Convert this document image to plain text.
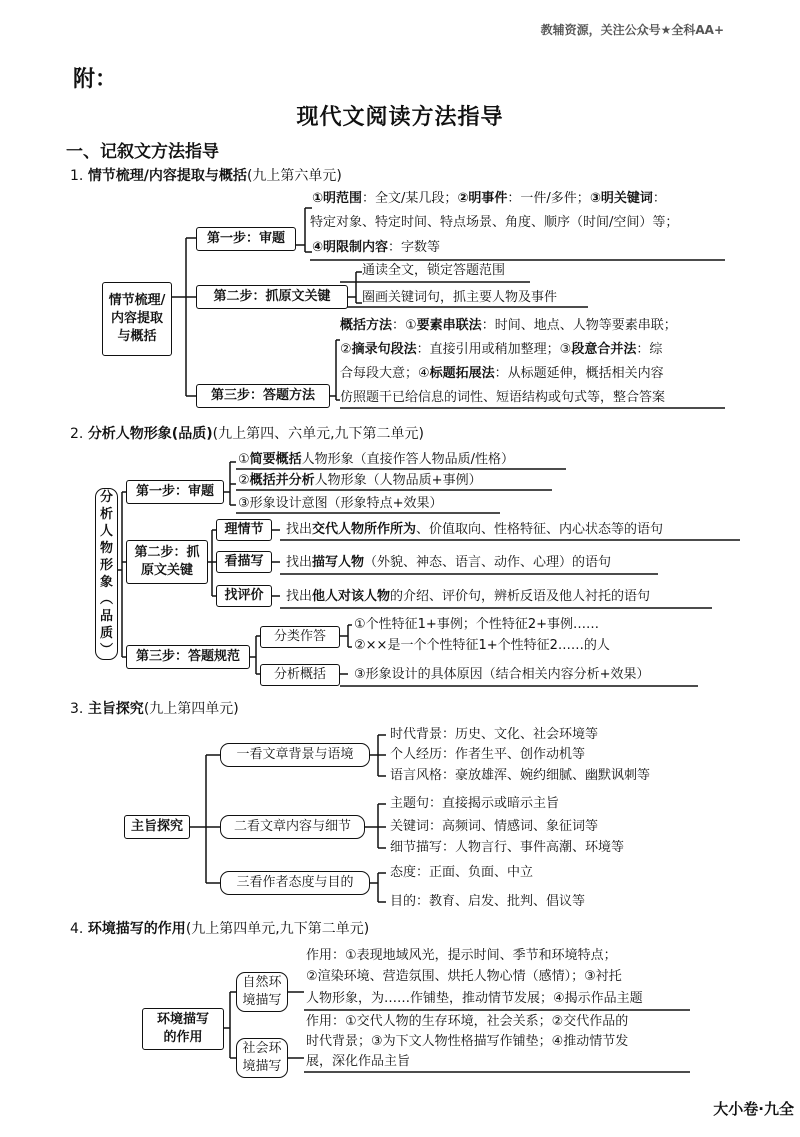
教辅资源，关注公众号★全科AA+
附：
现代文阅读方法指导
一、记叙文方法指导
1. 情节梳理/内容提取与概括(九上第六单元)
情节梳理/
内容提取
与概括
第一步：审题
第二步：抓原文关键
第三步：答题方法
①明范围：全文/某几段；②明事件：一件/多件；③明关键词：
特定对象、特定时间、特点场景、角度、顺序（时间/空间）等；
④明限制内容：字数等
通读全文，锁定答题范围
圈画关键词句，抓主要人物及事件
概括方法：①要素串联法：时间、地点、人物等要素串联；
②摘录句段法：直接引用或稍加整理；③段意合并法：综
合每段大意；④标题拓展法：从标题延伸，概括相关内容
仿照题干已给信息的词性、短语结构或句式等，整合答案
2. 分析人物形象(品质)(九上第四、六单元,九下第二单元)
分
析
人
物
形
象
︵
品
质
︶
第一步：审题
第二步：抓
原文关键
第三步：答题规范
①简要概括人物形象（直接作答人物品质/性格）
②概括并分析人物形象（人物品质+事例）
③形象设计意图（形象特点+效果）
理情节
看描写
找评价
找出交代人物所作所为、价值取向、性格特征、内心状态等的语句
找出描写人物（外貌、神态、语言、动作、心理）的语句
找出他人对该人物的介绍、评价句，辨析反语及他人衬托的语句
分类作答
分析概括
①个性特征1+事例；个性特征2+事例……
②××是一个个性特征1+个性特征2……的人
③形象设计的具体原因（结合相关内容分析+效果）
3. 主旨探究(九上第四单元)
主旨探究
一看文章背景与语境
二看文章内容与细节
三看作者态度与目的
时代背景：历史、文化、社会环境等
个人经历：作者生平、创作动机等
语言风格：豪放雄浑、婉约细腻、幽默讽刺等
主题句：直接揭示或暗示主旨
关键词：高频词、情感词、象征词等
细节描写：人物言行、事件高潮、环境等
态度：正面、负面、中立
目的：教育、启发、批判、倡议等
4. 环境描写的作用(九上第四单元,九下第二单元)
环境描写
的作用
自然环
境描写
社会环
境描写
作用：①表现地域风光，提示时间、季节和环境特点；
②渲染环境、营造氛围、烘托人物心情（感情）；③衬托
人物形象，为……作铺垫，推动情节发展；④揭示作品主题
作用：①交代人物的生存环境，社会关系；②交代作品的
时代背景；③为下文人物性格描写作铺垫；④推动情节发
展，深化作品主旨
大小卷·九全
